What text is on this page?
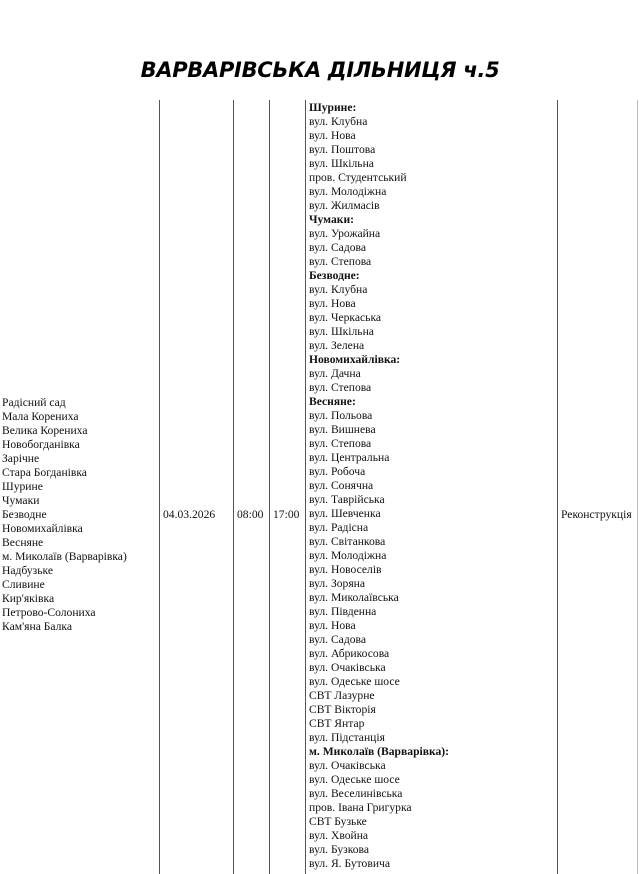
ВАРВАРІВСЬКА ДІЛЬНИЦЯ ч.5
Радісний сад
Мала Корениха
Велика Корениха
Новобогданівка
Зарічне
Стара Богданівка
Шурине
Чумаки
Безводне
Новомихайлівка
Весняне
м. Миколаїв (Варварівка)
Надбузьке
Сливине
Кир'яківка
Петрово-Солониха
Кам'яна Балка
04.03.2026 08:00 17:00
Шурине:
вул. Клубна
вул. Нова
вул. Поштова
вул. Шкільна
пров. Студентський
вул. Молодіжна
вул. Жилмасів
Чумаки:
вул. Урожайна
вул. Садова
вул. Степова
Безводне:
вул. Клубна
вул. Нова
вул. Черкаська
вул. Шкільна
вул. Зелена
Новомихайлівка:
вул. Дачна
вул. Степова
Весняне:
вул. Польова
вул. Вишнева
вул. Степова
вул. Центральна
вул. Робоча
вул. Сонячна
вул. Таврійська
вул. Шевченка
вул. Радісна
вул. Світанкова
вул. Молодіжна
вул. Новоселів
вул. Зоряна
вул. Миколаївська
вул. Південна
вул. Нова
вул. Садова
вул. Абрикосова
вул. Очаківська
вул. Одеське шосе
СВТ Лазурне
СВТ Вікторія
СВТ Янтар
вул. Підстанція
м. Миколаїв (Варварівка):
вул. Очаківська
вул. Одеське шосе
вул. Веселинівська
пров. Івана Григурка
СВТ Бузьке
вул. Хвойна
вул. Бузкова
вул. Я. Бутовича
Реконструкція
